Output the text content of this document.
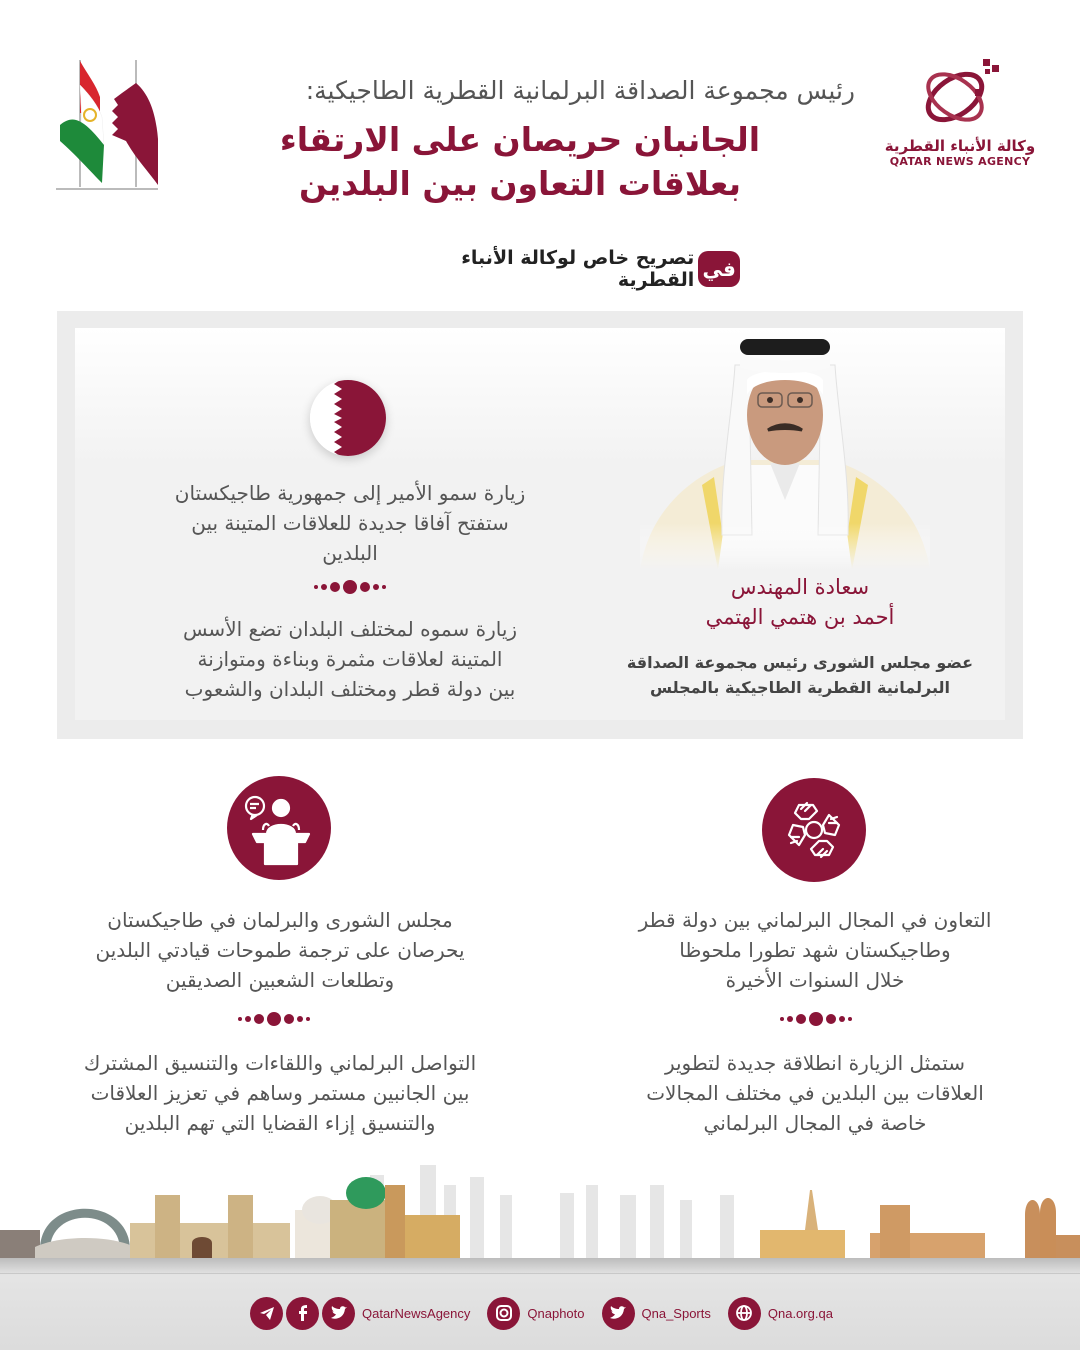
وكالة الأنباء القطرية
QATAR NEWS AGENCY
رئيس مجموعة الصداقة البرلمانية القطرية الطاجيكية:
الجانبان حريصان على الارتقاء
بعلاقات التعاون بين البلدين
في
تصريح خاص لوكالة الأنباء القطرية
سعادة المهندس
أحمد بن هتمي الهتمي
عضو مجلس الشورى رئيس مجموعة الصداقة
البرلمانية القطرية الطاجيكية بالمجلس
زيارة سمو الأمير إلى جمهورية طاجيكستان
ستفتح آفاقا جديدة للعلاقات المتينة بين
البلدين
زيارة سموه لمختلف البلدان تضع الأسس
المتينة لعلاقات مثمرة وبناءة ومتوازنة
بين دولة قطر ومختلف البلدان والشعوب
التعاون في المجال البرلماني بين دولة قطر
وطاجيكستان شهد تطورا ملحوظا
خلال السنوات الأخيرة
ستمثل الزيارة انطلاقة جديدة لتطوير
العلاقات بين البلدين في مختلف المجالات
خاصة في المجال البرلماني
مجلس الشورى والبرلمان في طاجيكستان
يحرصان على ترجمة طموحات قيادتي البلدين
وتطلعات الشعبين الصديقين
التواصل البرلماني واللقاءات والتنسيق المشترك
بين الجانبين مستمر وساهم في تعزيز العلاقات
والتنسيق إزاء القضايا التي تهم البلدين
QatarNewsAgency	Qnaphoto	Qna_Sports	Qna.org.qa
